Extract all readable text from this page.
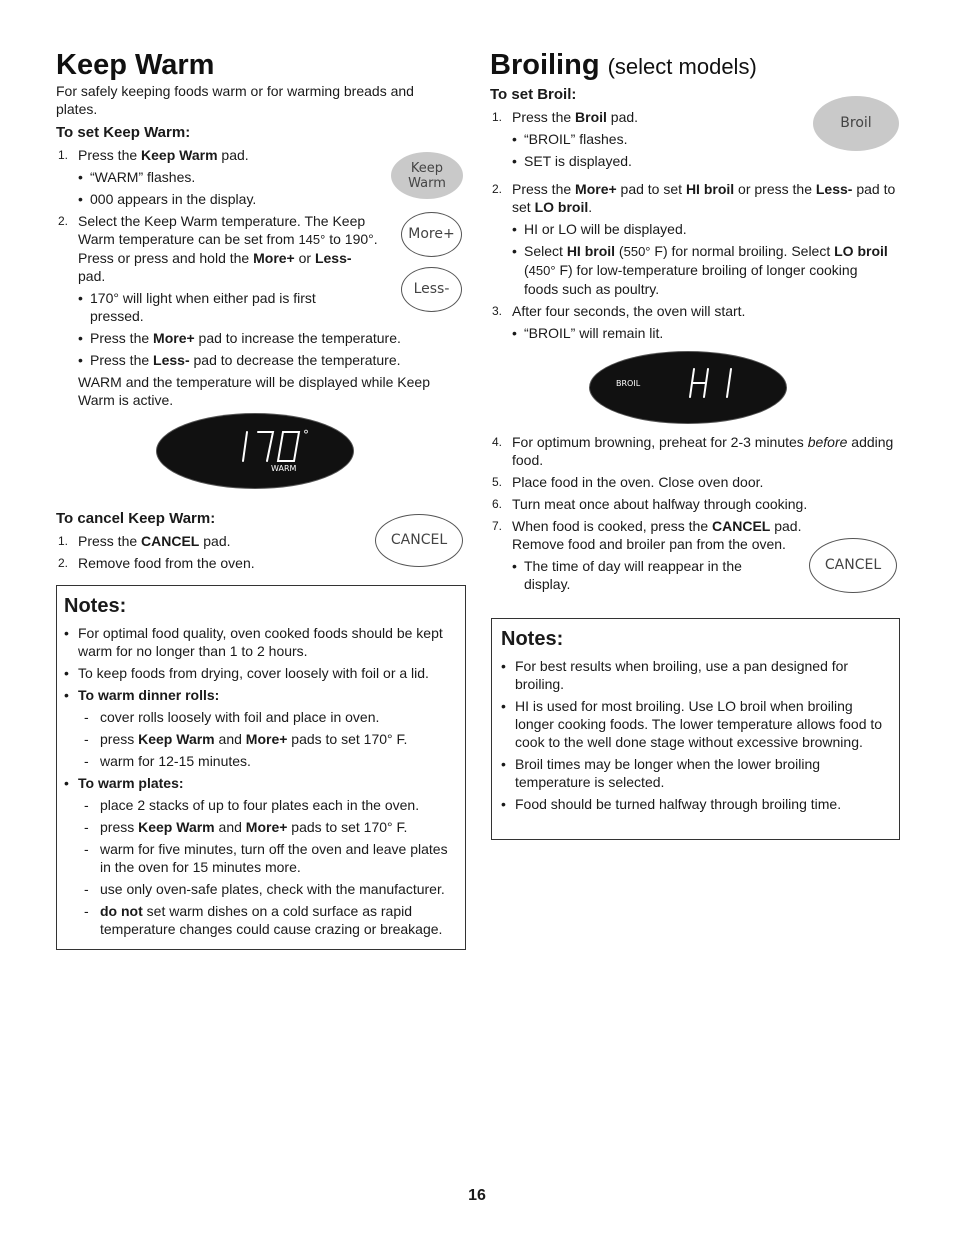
Keep Warm

For safely keeping foods warm or for warming breads and plates.

To set Keep Warm:
1. Press the Keep Warm pad.
• “WARM” flashes.
• 000 appears in the display.
2. Select the Keep Warm temperature. The Keep Warm temperature can be set from 145° to 190°. Press or press and hold the More+ or Less- pad.
• 170° will light when either pad is first pressed.
• Press the More+ pad to increase the temperature.
• Press the Less- pad to decrease the temperature.
WARM and the temperature will be displayed while Keep Warm is active.
Keep Warm
More+
Less-
°
WARM
To cancel Keep Warm:
1. Press the CANCEL pad.
2. Remove food from the oven.
CANCEL
Notes:
• For optimal food quality, oven cooked foods should be kept warm for no longer than 1 to 2 hours.
• To keep foods from drying, cover loosely with foil or a lid.
• To warm dinner rolls:
- cover rolls loosely with foil and place in oven.
- press Keep Warm and More+ pads to set 170° F.
- warm for 12-15 minutes.
• To warm plates:
- place 2 stacks of up to four plates each in the oven.
- press Keep Warm and More+ pads to set 170° F.
- warm for five minutes, turn off the oven and leave plates in the oven for 15 minutes more.
- use only oven-safe plates, check with the manufacturer.
- do not set warm dishes on a cold surface as rapid temperature changes could cause crazing or breakage.
Broiling (select models)
To set Broil:
1. Press the Broil pad.
• “BROIL” flashes.
• SET is displayed.
2. Press the More+ pad to set HI broil or press the Less- pad to set LO broil.
• HI or LO will be displayed.
• Select HI broil (550° F) for normal broiling. Select LO broil (450° F) for low-temperature broiling of longer cooking foods such as poultry.
3. After four seconds, the oven will start.
• “BROIL” will remain lit.
Broil
BROIL
4. For optimum browning, preheat for 2-3 minutes before adding food.
5. Place food in the oven. Close oven door.
6. Turn meat once about halfway through cooking.
7. When food is cooked, press the CANCEL pad. Remove food and broiler pan from the oven.
• The time of day will reappear in the display.
CANCEL
Notes:
• For best results when broiling, use a pan designed for broiling.
• HI is used for most broiling. Use LO broil when broiling longer cooking foods. The lower temperature allows food to cook to the well done stage without excessive browning.
• Broil times may be longer when the lower broiling temperature is selected.
• Food should be turned halfway through broiling time.
16
